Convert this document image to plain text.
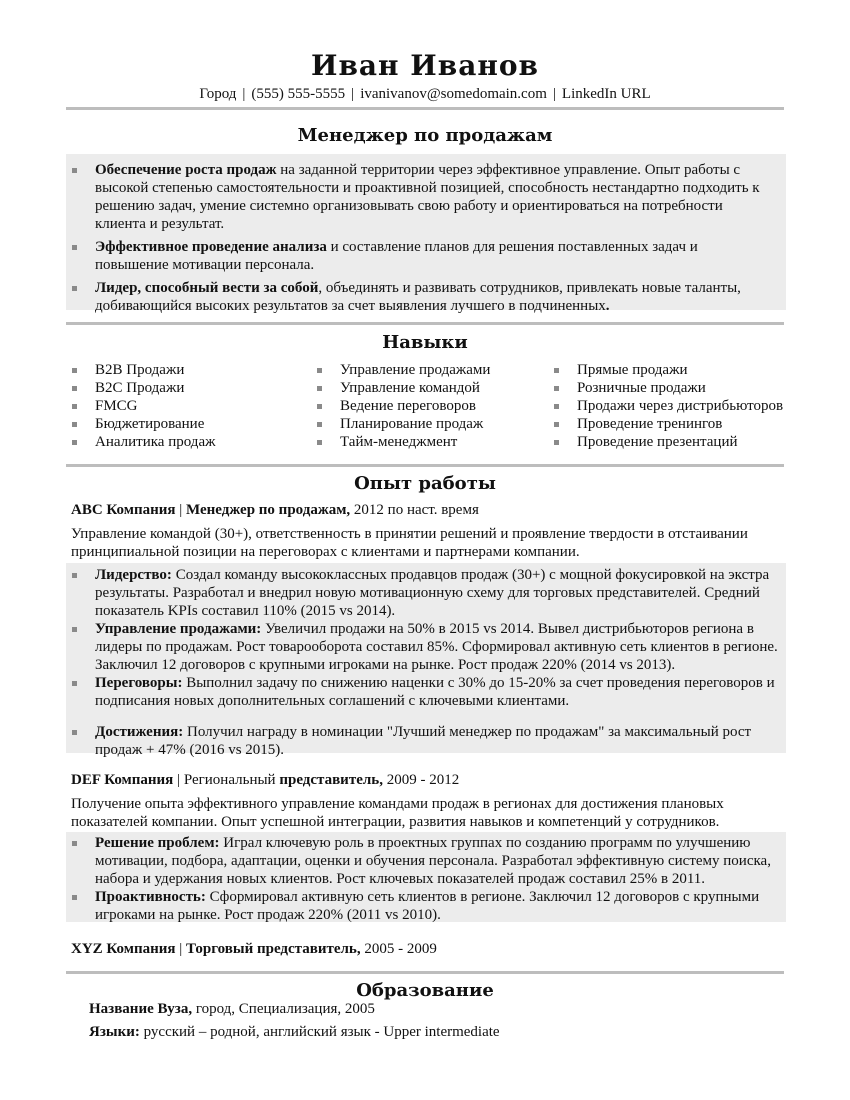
Иван Иванов
Город | (555) 555-5555 | ivanivanov@somedomain.com | LinkedIn URL
Менеджер по продажам
Обеспечение роста продаж на заданной территории через эффективное управление. Опыт работы с высокой степенью самостоятельности и проактивной позицией, способность нестандартно подходить к решению задач, умение системно организовывать свою работу и ориентироваться на потребности клиента и результат.
Эффективное проведение анализа и составление планов для решения поставленных задач и повышение мотивации персонала.
Лидер, способный вести за собой, объединять и развивать сотрудников, привлекать новые таланты, добивающийся высоких результатов за счет выявления лучшего в подчиненных.
Навыки
B2B Продажи
B2C Продажи
FMCG
Бюджетирование
Аналитика продаж
Управление продажами
Управление командой
Ведение переговоров
Планирование продаж
Тайм-менеджмент
Прямые продажи
Розничные продажи
Продажи через дистрибьюторов
Проведение тренингов
Проведение презентаций
Опыт работы
ABC Компания | Менеджер по продажам, 2012 по наст. время
Управление командой (30+), ответственность в принятии решений и проявление твердости в отстаивании принципиальной позиции на переговорах с клиентами и партнерами компании.
Лидерство: Создал команду высококлассных продавцов продаж (30+) с мощной фокусировкой на экстра результаты. Разработал и внедрил новую мотивационную схему для торговых представителей. Средний показатель KPIs составил 110% (2015 vs 2014).
Управление продажами: Увеличил продажи на 50% в 2015 vs 2014. Вывел дистрибьюторов региона в лидеры по продажам. Рост товарооборота составил 85%. Сформировал активную сеть клиентов в регионе. Заключил 12 договоров с крупными игроками на рынке. Рост продаж 220% (2014 vs 2013).
Переговоры: Выполнил задачу по снижению наценки с 30% до 15-20% за счет проведения переговоров и подписания новых дополнительных соглашений с ключевыми клиентами.
Достижения: Получил награду в номинации "Лучший менеджер по продажам" за максимальный рост продаж + 47% (2016 vs 2015).
DEF Компания | Региональный представитель, 2009 - 2012
Получение опыта эффективного управление командами продаж в регионах для достижения плановых показателей компании. Опыт успешной интеграции, развития навыков и компетенций у сотрудников.
Решение проблем: Играл ключевую роль в проектных группах по созданию программ по улучшению мотивации, подбора, адаптации, оценки и обучения персонала. Разработал эффективную систему поиска, набора и удержания новых клиентов. Рост ключевых показателей продаж составил 25% в 2011.
Проактивность: Сформировал активную сеть клиентов в регионе. Заключил 12 договоров с крупными игроками на рынке. Рост продаж 220% (2011 vs 2010).
XYZ Компания | Торговый представитель, 2005 - 2009
Образование
Название Вуза, город, Специализация, 2005
Языки: русский – родной, английский язык - Upper intermediate
